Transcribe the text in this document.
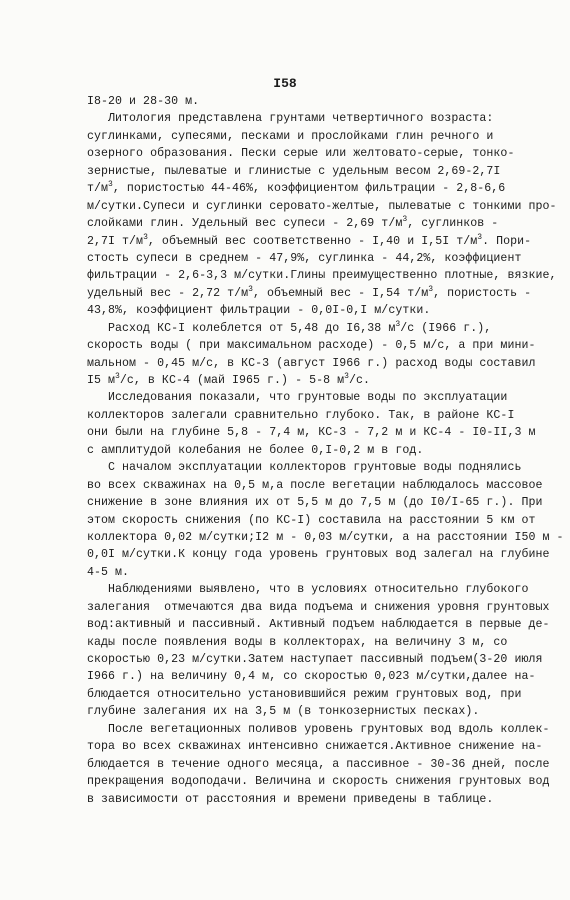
I58
I8-20 и 28-30 м.
Литология представлена грунтами четвертичного возраста:
суглинками, супесями, песками и прослойками глин речного и
озерного образования. Пески серые или желтовато-серые, тонко-
зернистые, пылеватые и глинистые с удельным весом 2,69-2,7I
$т/м^3$, пористостью 44-46%, коэффициентом фильтрации - 2,8-6,6
м/сутки.Супеси и суглинки серовато-желтые, пылеватые с тонкими про-
слойками глин. Удельный вес супеси - 2,69 $т/м^3$, суглинков -
2,7I $т/м^3$, объемный вес соответственно - I,40 и I,5I $т/м^3$. Пори-
стость супеси в среднем - 47,9%, суглинка - 44,2%, коэффициент
фильтрации - 2,6-3,3 м/сутки.Глины преимущественно плотные, вязкие,
удельный вес - 2,72 $т/м^3$, объемный вес - I,54 $т/м^3$, пористость -
43,8%, коэффициент фильтрации - 0,0I-0,I м/сутки.
Расход КС-I колеблется от 5,48 до I6,38 $м^3/с$ (I966 г.),
скорость воды ( при максимальном расходе) - 0,5 м/с, а при мини-
мальном - 0,45 м/с, в КС-3 (август I966 г.) расход воды составил
I5 $м^3/с$, в КС-4 (май I965 г.) - 5-8 $м^3/с$.
Исследования показали, что грунтовые воды по эксплуатации
коллекторов залегали сравнительно глубоко. Так, в районе КС-I
они были на глубине 5,8 - 7,4 м, КС-3 - 7,2 м и КС-4 - I0-II,3 м
с амплитудой колебания не более 0,I-0,2 м в год.
С началом эксплуатации коллекторов грунтовые воды поднялись
во всех скважинах на 0,5 м,а после вегетации наблюдалось массовое
снижение в зоне влияния их от 5,5 м до 7,5 м (до I0/I-65 г.). При
этом скорость снижения (по КС-I) составила на расстоянии 5 км от
коллектора 0,02 м/сутки;I2 м - 0,03 м/сутки, а на расстоянии I50 м -
0,0I м/сутки.К концу года уровень грунтовых вод залегал на глубине
4-5 м.
Наблюдениями выявлено, что в условиях относительно глубокого
залегания  отмечаются два вида подъема и снижения уровня грунтовых
вод:активный и пассивный. Активный подъем наблюдается в первые де-
кады после появления воды в коллекторах, на величину 3 м, со
скоростью 0,23 м/сутки.Затем наступает пассивный подъем(3-20 июля
I966 г.) на величину 0,4 м, со скоростью 0,023 м/сутки,далее на-
блюдается относительно установившийся режим грунтовых вод, при
глубине залегания их на 3,5 м (в тонкозернистых песках).
После вегетационных поливов уровень грунтовых вод вдоль коллек-
тора во всех скважинах интенсивно снижается.Активное снижение на-
блюдается в течение одного месяца, а пассивное - 30-36 дней, после
прекращения водоподачи. Величина и скорость снижения грунтовых вод
в зависимости от расстояния и времени приведены в таблице.
